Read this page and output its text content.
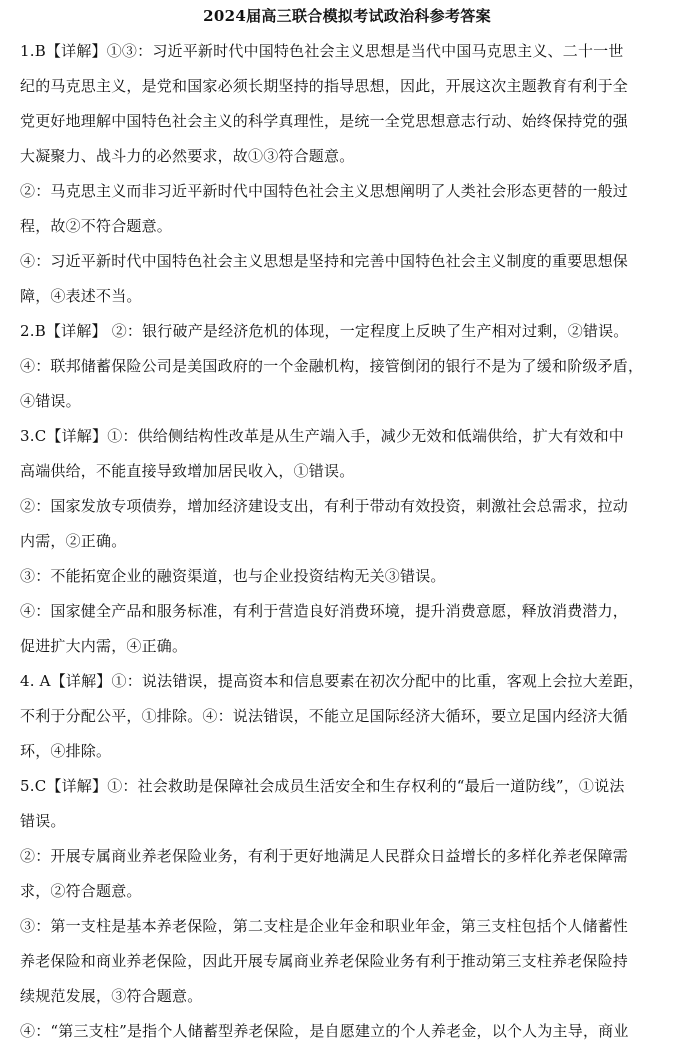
2024届高三联合模拟考试政治科参考答案
1.B【详解】①③：习近平新时代中国特色社会主义思想是当代中国马克思主义、二十一世
纪的马克思主义，是党和国家必须长期坚持的指导思想，因此，开展这次主题教育有利于全
党更好地理解中国特色社会主义的科学真理性，是统一全党思想意志行动、始终保持党的强
大凝聚力、战斗力的必然要求，故①③符合题意。
②：马克思主义而非习近平新时代中国特色社会主义思想阐明了人类社会形态更替的一般过
程，故②不符合题意。
④：习近平新时代中国特色社会主义思想是坚持和完善中国特色社会主义制度的重要思想保
障，④表述不当。
2.B【详解】 ②：银行破产是经济危机的体现，一定程度上反映了生产相对过剩，②错误。
④：联邦储蓄保险公司是美国政府的一个金融机构，接管倒闭的银行不是为了缓和阶级矛盾，
④错误。
3.C【详解】①：供给侧结构性改革是从生产端入手，减少无效和低端供给，扩大有效和中
高端供给，不能直接导致增加居民收入，①错误。
②：国家发放专项债券，增加经济建设支出，有利于带动有效投资，刺激社会总需求，拉动
内需，②正确。
③：不能拓宽企业的融资渠道，也与企业投资结构无关③错误。
④：国家健全产品和服务标准，有利于营造良好消费环境，提升消费意愿，释放消费潜力，
促进扩大内需，④正确。
4. A【详解】①：说法错误，提高资本和信息要素在初次分配中的比重，客观上会拉大差距，
不利于分配公平，①排除。④：说法错误，不能立足国际经济大循环，要立足国内经济大循
环，④排除。
5.C【详解】①：社会救助是保障社会成员生活安全和生存权利的“最后一道防线”，①说法
错误。
②：开展专属商业养老保险业务，有利于更好地满足人民群众日益增长的多样化养老保障需
求，②符合题意。
③：第一支柱是基本养老保险，第二支柱是企业年金和职业年金，第三支柱包括个人储蓄性
养老保险和商业养老保险，因此开展专属商业养老保险业务有利于推动第三支柱养老保险持
续规范发展，③符合题意。
④：“第三支柱”是指个人储蓄型养老保险，是自愿建立的个人养老金，以个人为主导，商业
